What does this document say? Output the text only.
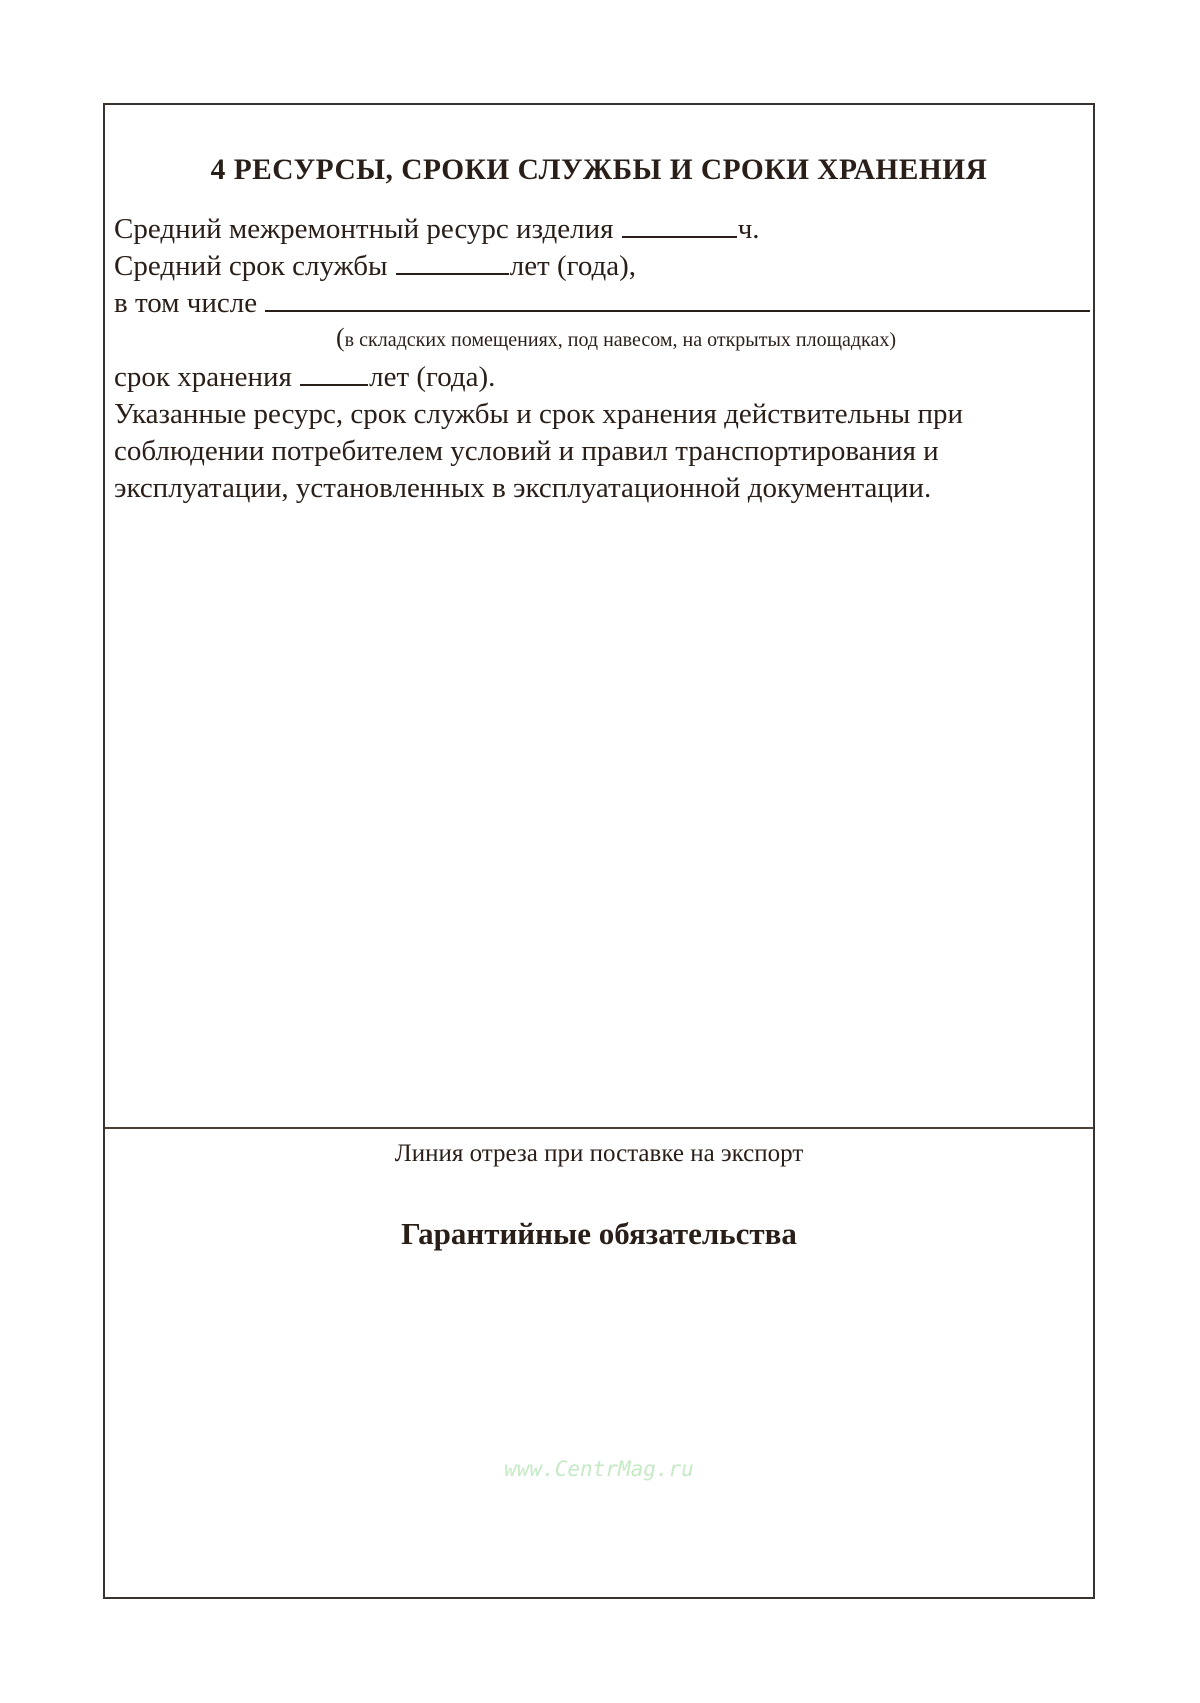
4 РЕСУРСЫ, СРОКИ СЛУЖБЫ И СРОКИ ХРАНЕНИЯ
Средний межремонтный ресурс изделия	ч.
Средний срок службы	лет (года),
в том числе
(в складских помещениях, под навесом, на открытых площадках)
срок хранения	лет (года).
Указанные ресурс, срок службы и срок хранения действительны при
соблюдении потребителем условий и правил транспортирования и
эксплуатации, установленных в эксплуатационной документации.
Линия отреза при поставке на экспорт
Гарантийные обязательства
www.CentrMag.ru
